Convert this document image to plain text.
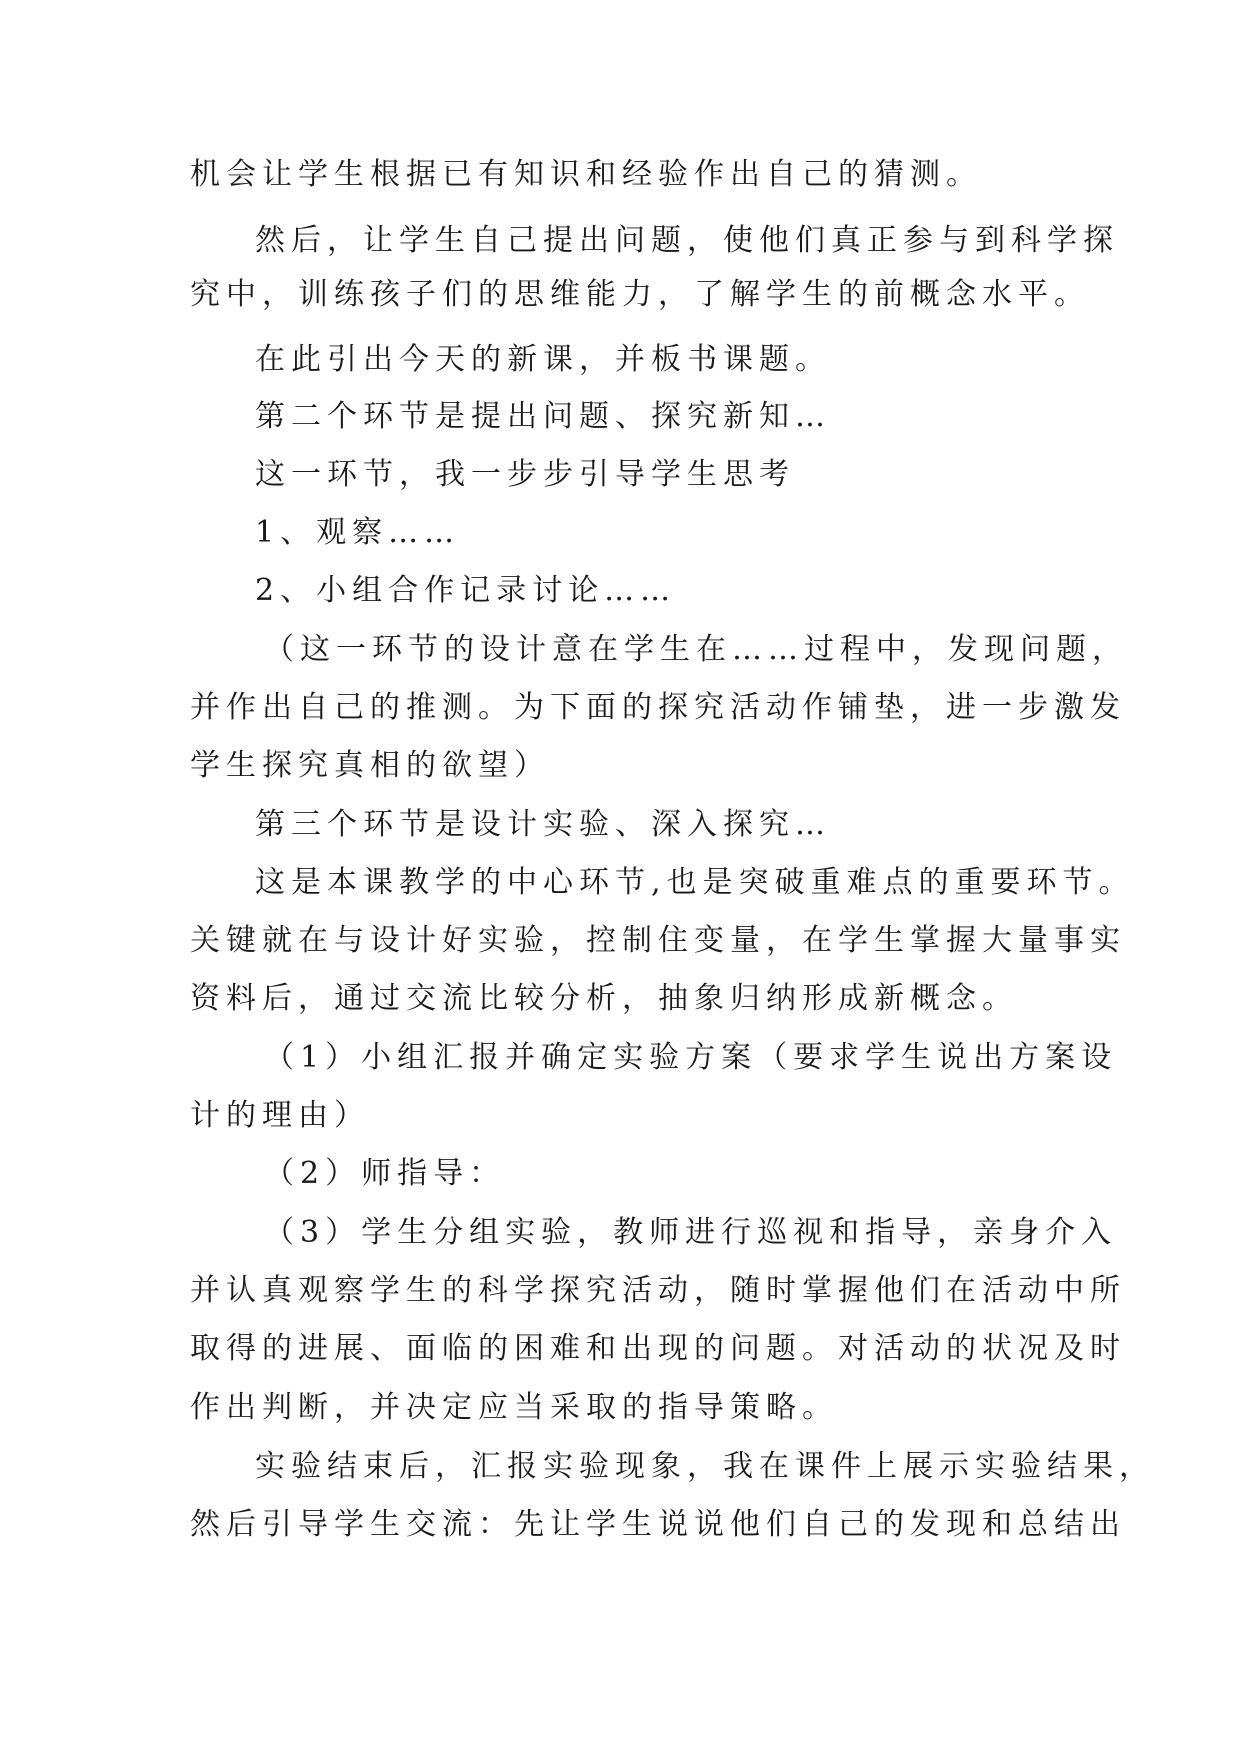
机会让学生根据已有知识和经验作出自己的猜测。
然后，让学生自己提出问题，使他们真正参与到科学探
究中，训练孩子们的思维能力，了解学生的前概念水平。
在此引出今天的新课，并板书课题。
第二个环节是提出问题、探究新知…
这一环节，我一步步引导学生思考
1、观察……
2、小组合作记录讨论……
（这一环节的设计意在学生在……过程中，发现问题，
并作出自己的推测。为下面的探究活动作铺垫，进一步激发
学生探究真相的欲望）
第三个环节是设计实验、深入探究…
这是本课教学的中心环节,也是突破重难点的重要环节。
关键就在与设计好实验，控制住变量，在学生掌握大量事实
资料后，通过交流比较分析，抽象归纳形成新概念。
（1）小组汇报并确定实验方案（要求学生说出方案设
计的理由）
（2）师指导：
（3）学生分组实验，教师进行巡视和指导，亲身介入
并认真观察学生的科学探究活动，随时掌握他们在活动中所
取得的进展、面临的困难和出现的问题。对活动的状况及时
作出判断，并决定应当采取的指导策略。
实验结束后，汇报实验现象，我在课件上展示实验结果，
然后引导学生交流：先让学生说说他们自己的发现和总结出
